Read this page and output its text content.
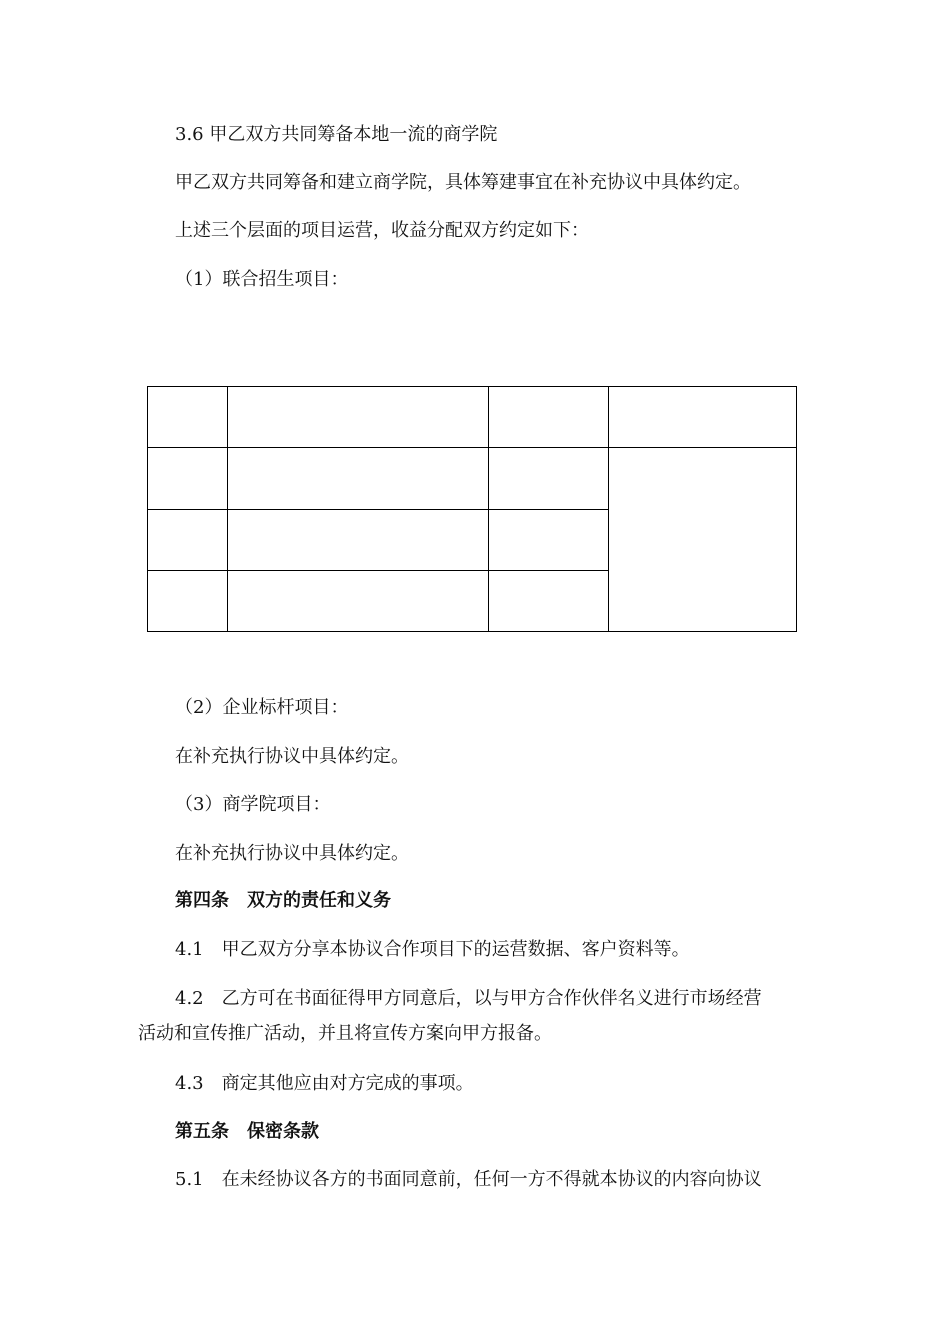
3.6 甲乙双方共同筹备本地一流的商学院
甲乙双方共同筹备和建立商学院，具体筹建事宜在补充协议中具体约定。
上述三个层面的项目运营，收益分配双方约定如下：
（1）联合招生项目：
（2）企业标杆项目：
在补充执行协议中具体约定。
（3）商学院项目：
在补充执行协议中具体约定。
第四条　双方的责任和义务
4.1　甲乙双方分享本协议合作项目下的运营数据、客户资料等。
4.2　乙方可在书面征得甲方同意后，以与甲方合作伙伴名义进行市场经营
活动和宣传推广活动，并且将宣传方案向甲方报备。
4.3　商定其他应由对方完成的事项。
第五条　保密条款
5.1　在未经协议各方的书面同意前，任何一方不得就本协议的内容向协议
